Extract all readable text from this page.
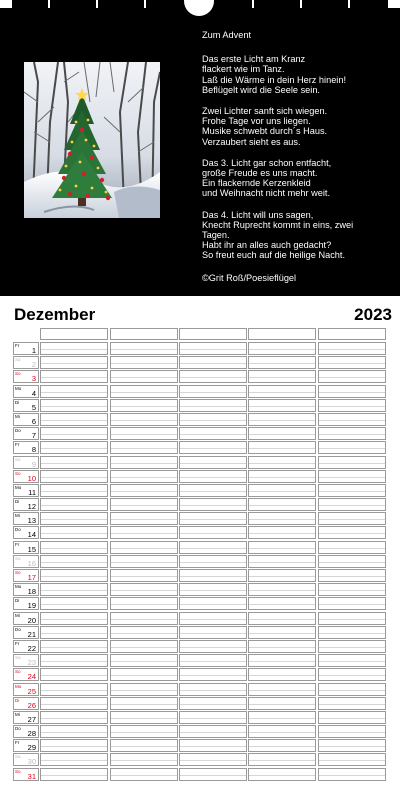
Zum Advent
Das erste Licht am Kranz
flackert wie im Tanz.
Laß die Wärme in dein Herz hinein!
Beflügelt wird die Seele sein.
Zwei Lichter sanft sich wiegen.
Frohe Tage vor uns liegen.
Musike schwebt durch´s Haus.
Verzaubert sieht es aus.
Das 3. Licht gar schon entfacht,
große Freude es uns macht.
Ein flackernde Kerzenkleid
und Weihnacht nicht mehr weit.
Das 4. Licht will uns sagen,
Knecht Ruprecht kommt in eins, zwei
Tagen.
Habt ihr an alles auch gedacht?
So freut euch auf die heilige Nacht.
©Grit Roß/Poesieflügel
Dezember	2023
Fr
1
Sa
2
So
3
Mo
4
Di
5
Mi
6
Do
7
Fr
8
Sa
9
So
10
Mo
11
Di
12
Mi
13
Do
14
Fr
15
Sa
16
So
17
Mo
18
Di
19
Mi
20
Do
21
Fr
22
Sa
23
So
24
Mo
25
Di
26
Mi
27
Do
28
Fr
29
Sa
30
So
31
